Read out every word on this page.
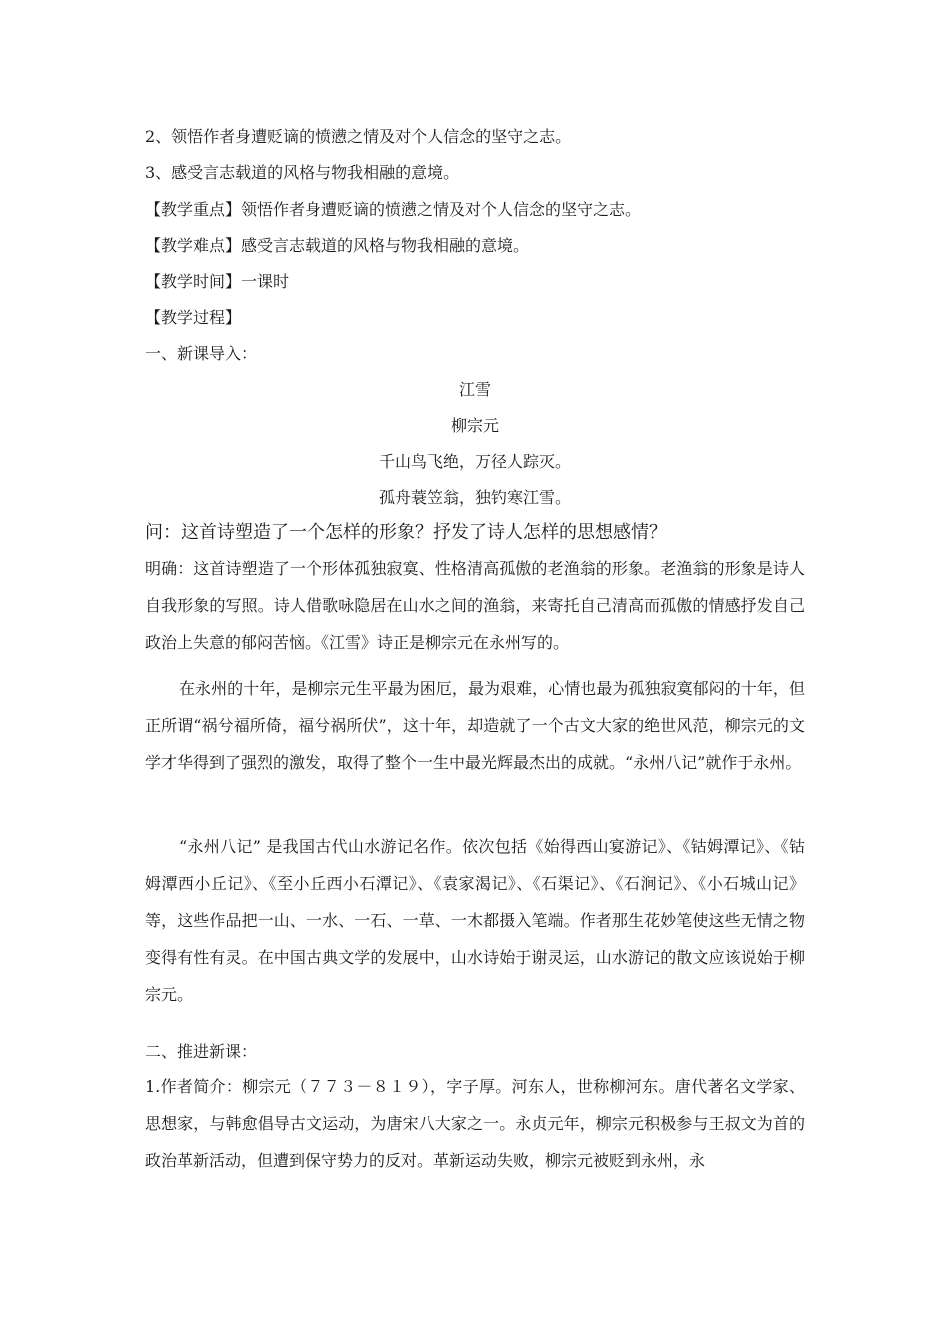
2、领悟作者身遭贬谪的愤懑之情及对个人信念的坚守之志。
3、感受言志载道的风格与物我相融的意境。
【教学重点】领悟作者身遭贬谪的愤懑之情及对个人信念的坚守之志。
【教学难点】感受言志载道的风格与物我相融的意境。
【教学时间】一课时
【教学过程】
一、新课导入：
江雪
柳宗元
千山鸟飞绝，万径人踪灭。
孤舟蓑笠翁，独钓寒江雪。
问：这首诗塑造了一个怎样的形象？抒发了诗人怎样的思想感情？
明确：这首诗塑造了一个形体孤独寂寞、性格清高孤傲的老渔翁的形象。老渔翁的形象是诗人自我形象的写照。诗人借歌咏隐居在山水之间的渔翁，来寄托自己清高而孤傲的情感抒发自己政治上失意的郁闷苦恼。《江雪》诗正是柳宗元在永州写的。
在永州的十年，是柳宗元生平最为困厄，最为艰难，心情也最为孤独寂寞郁闷的十年，但正所谓“祸兮福所倚，福兮祸所伏”，这十年，却造就了一个古文大家的绝世风范，柳宗元的文学才华得到了强烈的激发，取得了整个一生中最光辉最杰出的成就。“永州八记”就作于永州。
“永州八记” 是我国古代山水游记名作。依次包括《始得西山宴游记》、《钴姆潭记》、《钴姆潭西小丘记》、《至小丘西小石潭记》、《袁家渴记》、《石渠记》、《石涧记》、《小石城山记》等，这些作品把一山、一水、一石、一草、一木都摄入笔端。作者那生花妙笔使这些无情之物变得有性有灵。在中国古典文学的发展中，山水诗始于谢灵运，山水游记的散文应该说始于柳宗元。
二、推进新课：
1.作者简介：柳宗元（７７３－８１９），字子厚。河东人，世称柳河东。唐代著名文学家、思想家，与韩愈倡导古文运动，为唐宋八大家之一。永贞元年，柳宗元积极参与王叔文为首的政治革新活动，但遭到保守势力的反对。革新运动失败，柳宗元被贬到永州，永
